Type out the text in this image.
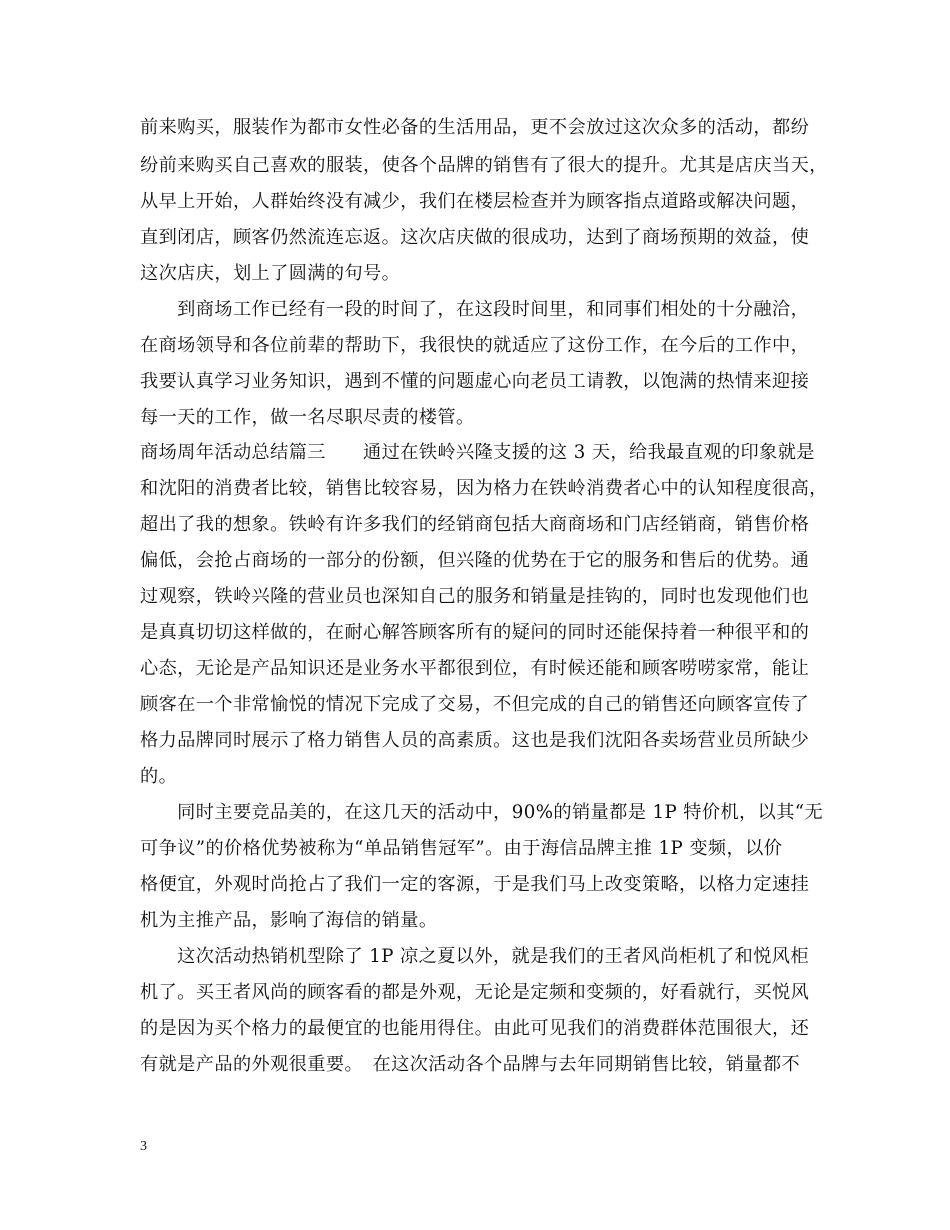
前来购买，服装作为都市女性必备的生活用品，更不会放过这次众多的活动，都纷
纷前来购买自己喜欢的服装，使各个品牌的销售有了很大的提升。尤其是店庆当天，
从早上开始，人群始终没有减少，我们在楼层检查并为顾客指点道路或解决问题，
直到闭店，顾客仍然流连忘返。这次店庆做的很成功，达到了商场预期的效益，使
这次店庆，划上了圆满的句号。
　　到商场工作已经有一段的时间了，在这段时间里，和同事们相处的十分融洽，
在商场领导和各位前辈的帮助下，我很快的就适应了这份工作，在今后的工作中，
我要认真学习业务知识，遇到不懂的问题虚心向老员工请教，以饱满的热情来迎接
每一天的工作，做一名尽职尽责的楼管。
商场周年活动总结篇三　　通过在铁岭兴隆支援的这 3 天，给我最直观的印象就是
和沈阳的消费者比较，销售比较容易，因为格力在铁岭消费者心中的认知程度很高，
超出了我的想象。铁岭有许多我们的经销商包括大商商场和门店经销商，销售价格
偏低，会抢占商场的一部分的份额，但兴隆的优势在于它的服务和售后的优势。通
过观察，铁岭兴隆的营业员也深知自己的服务和销量是挂钩的，同时也发现他们也
是真真切切这样做的，在耐心解答顾客所有的疑问的同时还能保持着一种很平和的
心态，无论是产品知识还是业务水平都很到位，有时候还能和顾客唠唠家常，能让
顾客在一个非常愉悦的情况下完成了交易，不但完成的自己的销售还向顾客宣传了
格力品牌同时展示了格力销售人员的高素质。这也是我们沈阳各卖场营业员所缺少
的。
　　同时主要竞品美的，在这几天的活动中，90%的销量都是 1P 特价机，以其“无
可争议”的价格优势被称为“单品销售冠军”。由于海信品牌主推 1P 变频，以价
格便宜，外观时尚抢占了我们一定的客源，于是我们马上改变策略，以格力定速挂
机为主推产品，影响了海信的销量。
　　这次活动热销机型除了 1P 凉之夏以外，就是我们的王者风尚柜机了和悦风柜
机了。买王者风尚的顾客看的都是外观，无论是定频和变频的，好看就行，买悦风
的是因为买个格力的最便宜的也能用得住。由此可见我们的消费群体范围很大，还
有就是产品的外观很重要。　在这次活动各个品牌与去年同期销售比较，销量都不
3
